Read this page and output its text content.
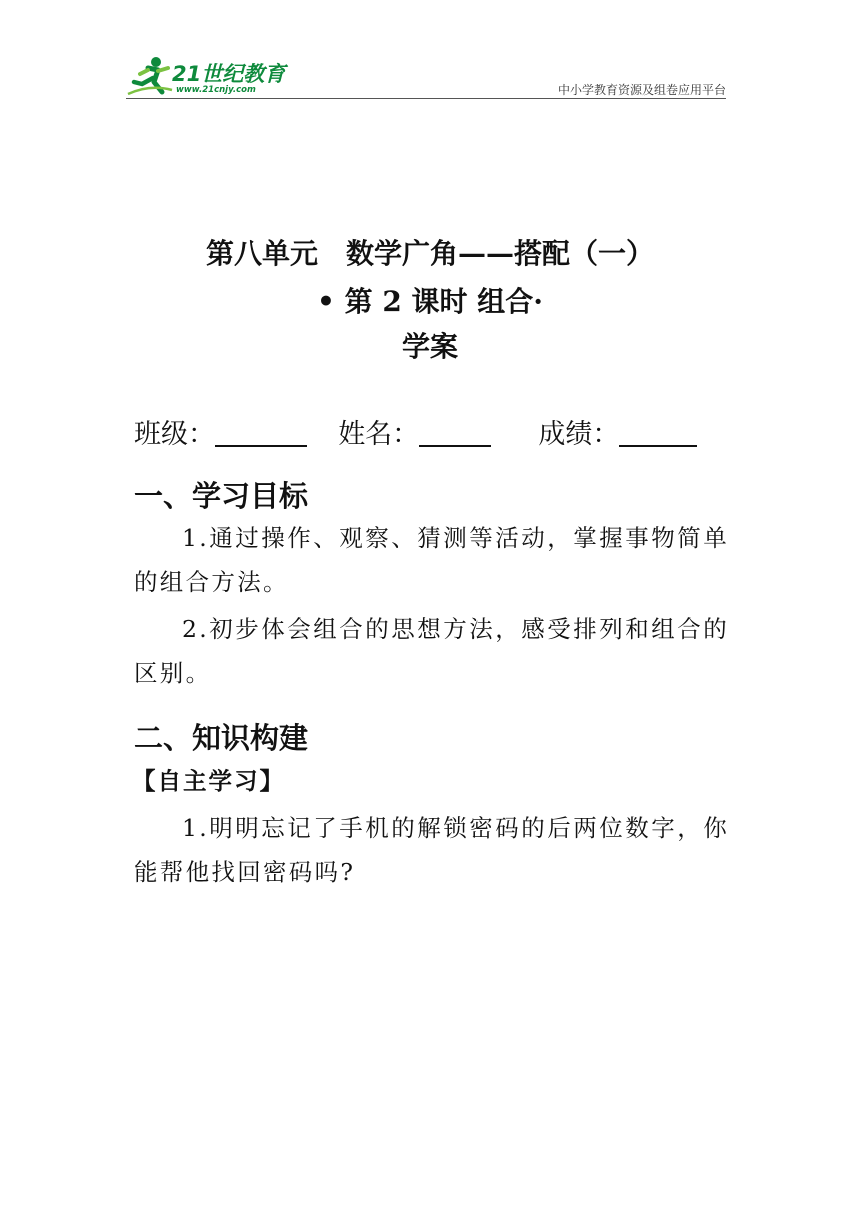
21世纪教育
www.21cnjy.com	中小学教育资源及组卷应用平台
第八单元　数学广角——搭配（一）
• 第 2 课时 组合·
学案
班级：	姓名：	成绩：
一、学习目标
1.通过操作、观察、猜测等活动，掌握事物简单的组合方法。
2.初步体会组合的思想方法，感受排列和组合的区别。
二、知识构建
【自主学习】
1.明明忘记了手机的解锁密码的后两位数字，你能帮他找回密码吗?
